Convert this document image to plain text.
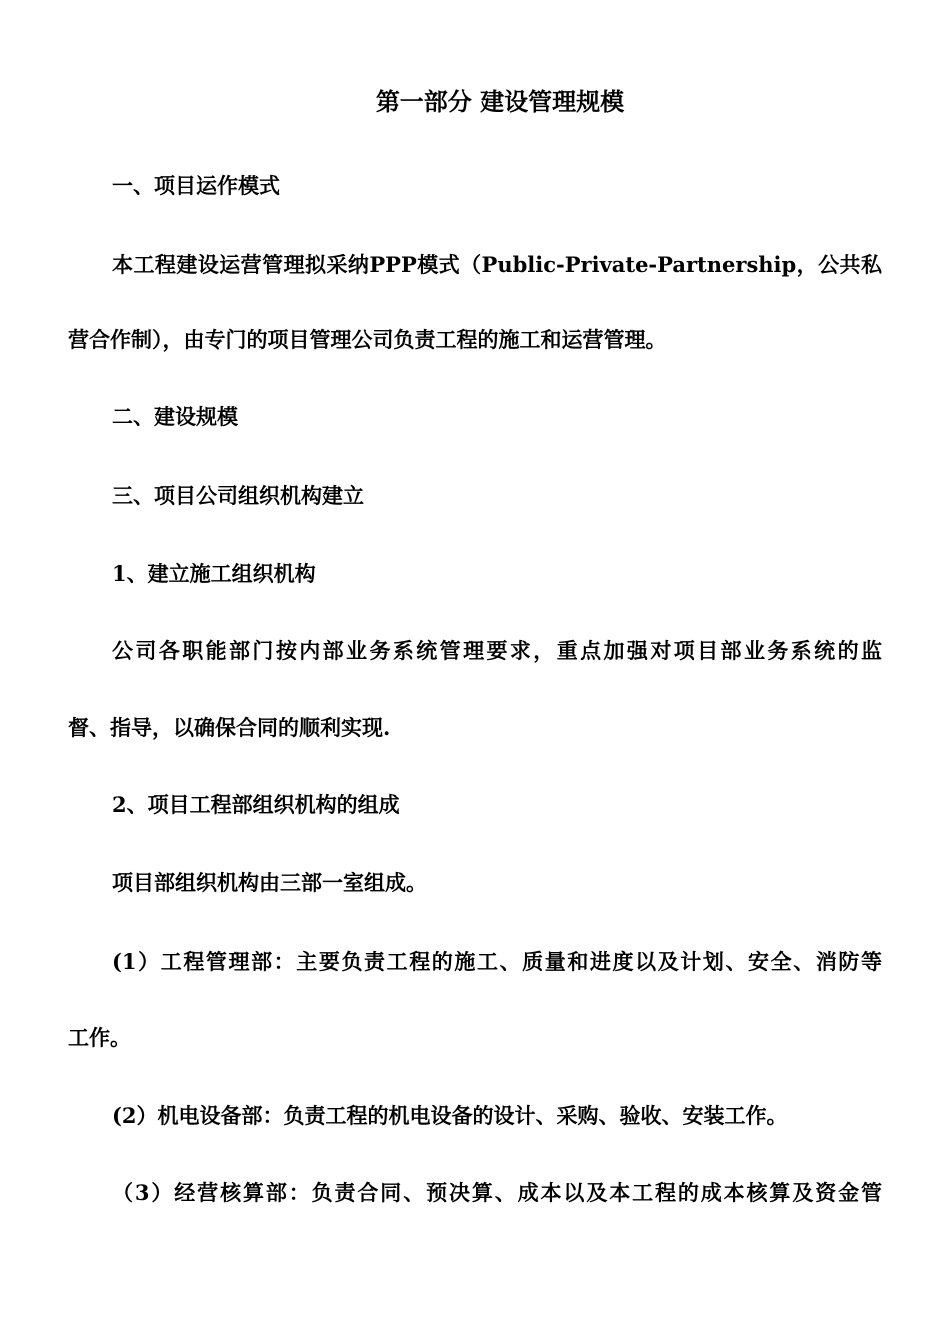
第一部分 建设管理规模
一、项目运作模式
本工程建设运营管理拟采纳PPP模式（Public-Private-Partnership，公共私
营合作制），由专门的项目管理公司负责工程的施工和运营管理。
二、建设规模
三、项目公司组织机构建立
1、建立施工组织机构
公司各职能部门按内部业务系统管理要求，重点加强对项目部业务系统的监
督、指导，以确保合同的顺利实现.
2、项目工程部组织机构的组成
项目部组织机构由三部一室组成。
(1）工程管理部：主要负责工程的施工、质量和进度以及计划、安全、消防等
工作。
(2）机电设备部：负责工程的机电设备的设计、采购、验收、安装工作。
（3）经营核算部：负责合同、预决算、成本以及本工程的成本核算及资金管
